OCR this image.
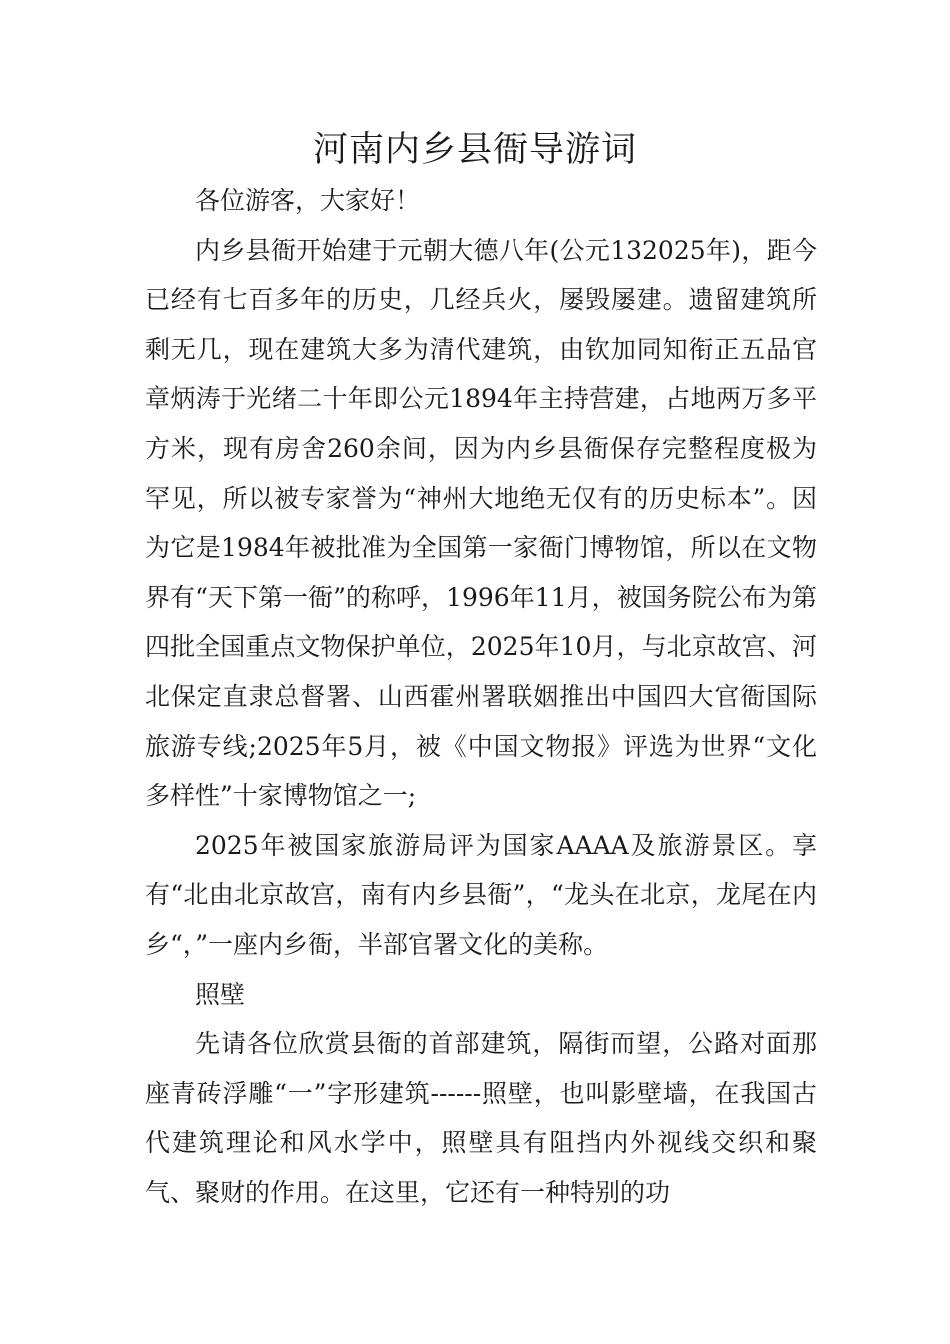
河南内乡县衙导游词

各位游客，大家好！

内乡县衙开始建于元朝大德八年(公元132025年)，距今已经有七百多年的历史，几经兵火，屡毁屡建。遗留建筑所剩无几，现在建筑大多为清代建筑，由钦加同知衔正五品官章炳涛于光绪二十年即公元1894年主持营建，占地两万多平方米，现有房舍260余间，因为内乡县衙保存完整程度极为罕见，所以被专家誉为“神州大地绝无仅有的历史标本”。因为它是1984年被批准为全国第一家衙门博物馆，所以在文物界有“天下第一衙”的称呼，1996年11月，被国务院公布为第四批全国重点文物保护单位，2025年10月，与北京故宫、河北保定直隶总督署、山西霍州署联姻推出中国四大官衙国际旅游专线;2025年5月，被《中国文物报》评选为世界“文化多样性”十家博物馆之一;

2025年被国家旅游局评为国家AAAA及旅游景区。享有“北由北京故宫，南有内乡县衙”，“龙头在北京，龙尾在内乡“，”一座内乡衙，半部官署文化的美称。

照壁

先请各位欣赏县衙的首部建筑，隔街而望，公路对面那座青砖浮雕“一”字形建筑------照壁，也叫影壁墙，在我国古代建筑理论和风水学中，照壁具有阻挡内外视线交织和聚气、聚财的作用。在这里，它还有一种特别的功
